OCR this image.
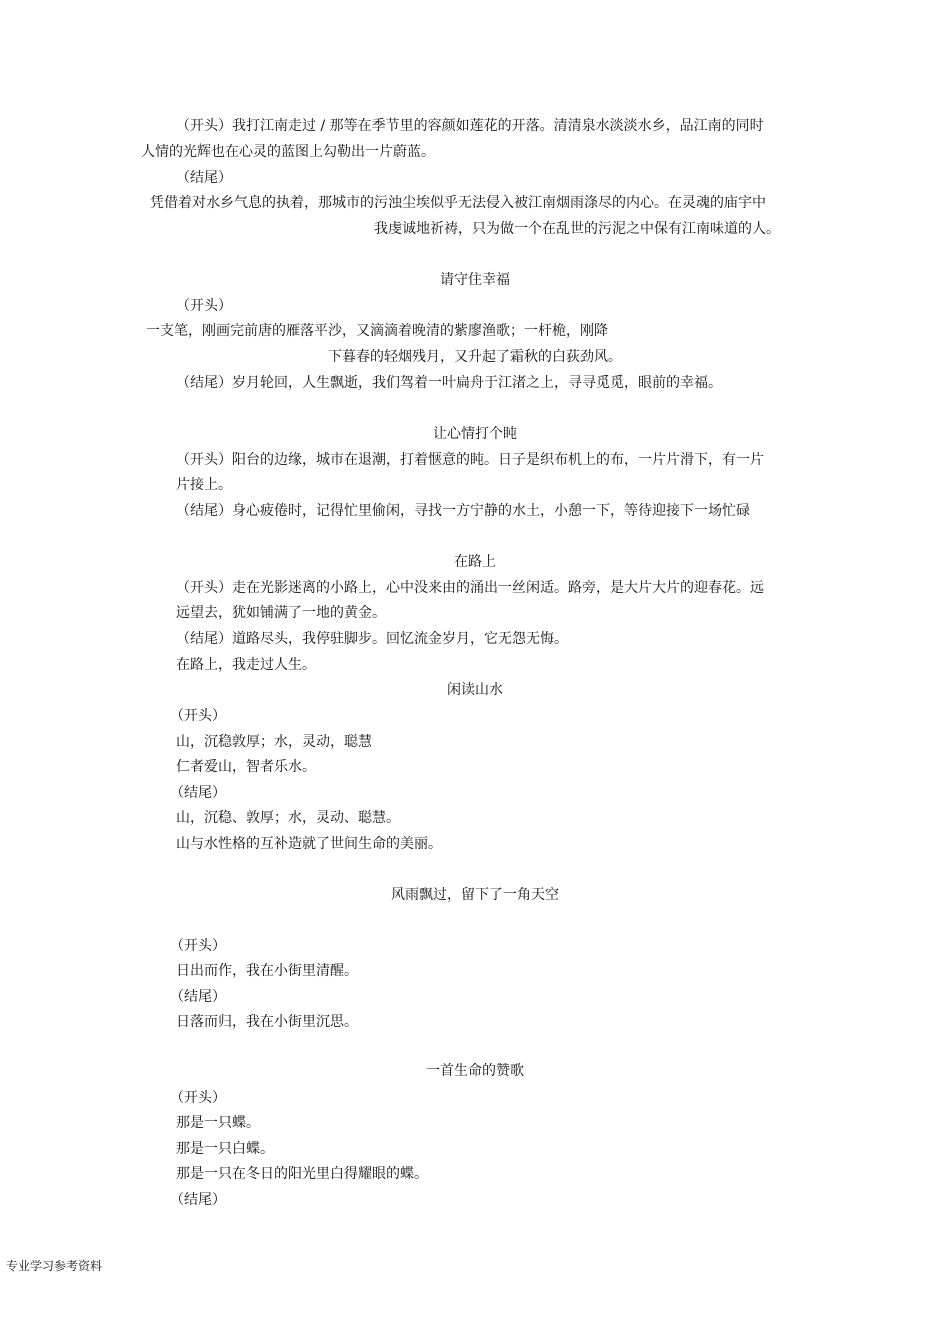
（开头）我打江南走过 / 那等在季节里的容颜如莲花的开落。清清泉水淡淡水乡，品江南的同时
人情的光辉也在心灵的蓝图上勾勒出一片蔚蓝。
（结尾）
凭借着对水乡气息的执着，那城市的污浊尘埃似乎无法侵入被江南烟雨涤尽的内心。在灵魂的庙宇中
我虔诚地祈祷，只为做一个在乱世的污泥之中保有江南味道的人。
请守住幸福
（开头）
一支笔，刚画完前唐的雁落平沙，又滴滴着晚清的紫廖渔歌；一杆桅，刚降
下暮春的轻烟残月，又升起了霜秋的白荻劲风。
（结尾）岁月轮回，人生飘逝，我们驾着一叶扁舟于江渚之上，寻寻觅觅，眼前的幸福。
让心情打个盹
（开头）阳台的边缘，城市在退潮，打着惬意的盹。日子是织布机上的布，一片片滑下，有一片
片接上。
（结尾）身心疲倦时，记得忙里偷闲，寻找一方宁静的水土，小憩一下，等待迎接下一场忙碌
在路上
（开头）走在光影迷离的小路上，心中没来由的涌出一丝闲适。路旁，是大片大片的迎春花。远
远望去，犹如铺满了一地的黄金。
（结尾）道路尽头，我停驻脚步。回忆流金岁月，它无怨无悔。
在路上，我走过人生。
闲读山水
（开头）
山，沉稳敦厚；水，灵动，聪慧
仁者爱山，智者乐水。
（结尾）
山，沉稳、敦厚；水，灵动、聪慧。
山与水性格的互补造就了世间生命的美丽。
风雨飘过，留下了一角天空
（开头）
日出而作，我在小街里清醒。
（结尾）
日落而归，我在小街里沉思。
一首生命的赞歌
（开头）
那是一只蝶。
那是一只白蝶。
那是一只在冬日的阳光里白得耀眼的蝶。
（结尾）
专业学习参考资料
